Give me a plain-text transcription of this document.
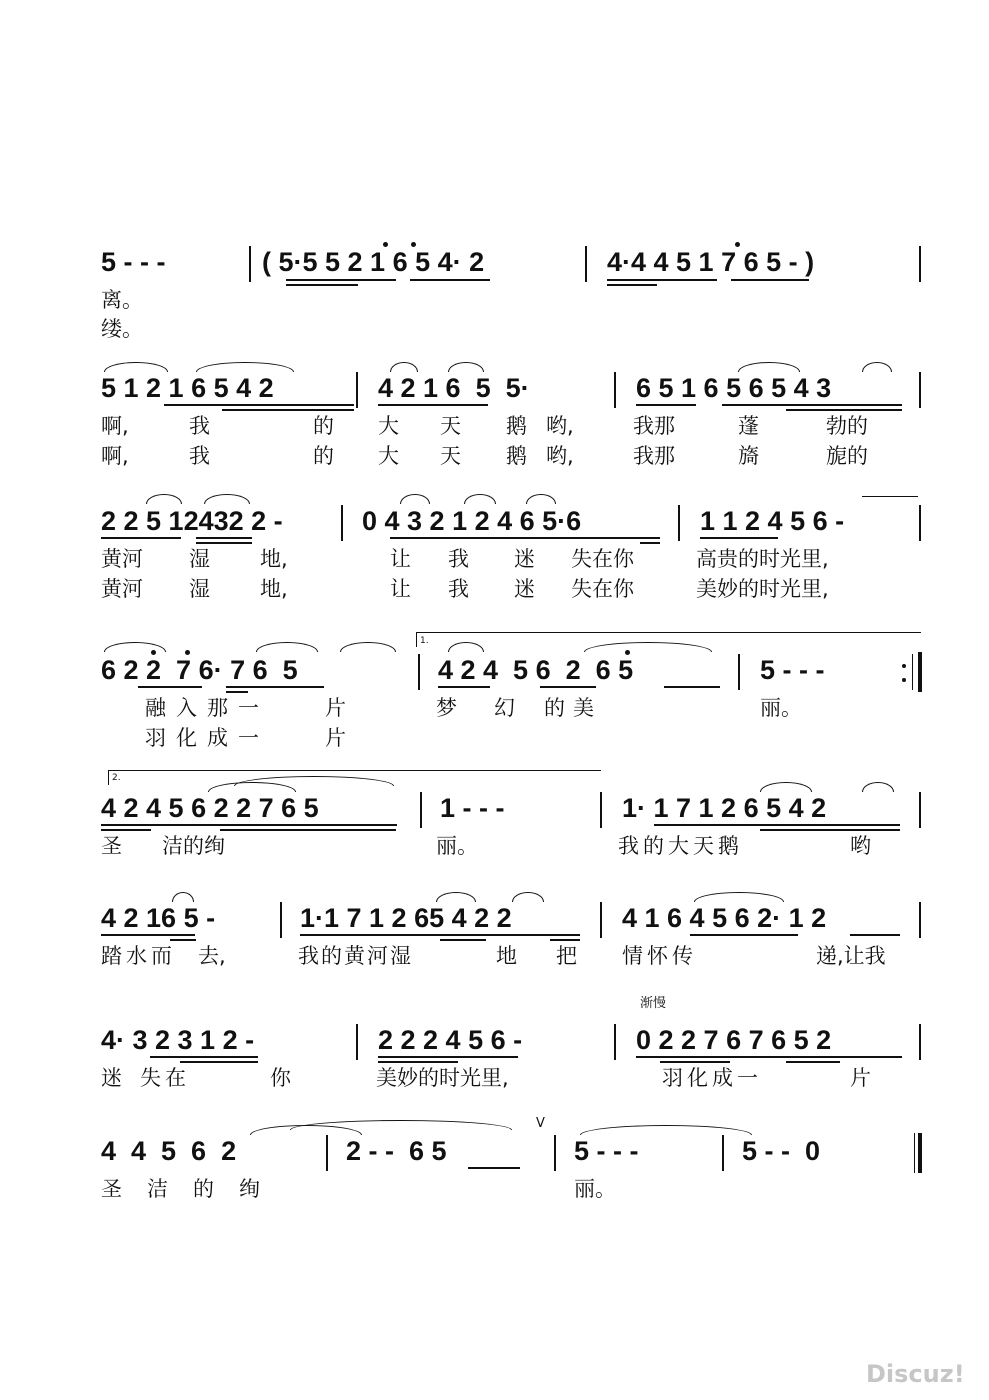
5 - - -	( 5·5 5 2 1 6 5 4· 2	4·4 4 5 1 7 6 5 - )
离。
缕。
5 1 2 1 6 5 4 2	4 2 1 6  5  5·	6 5 1 6 5 6 5 4 3
啊,	我	的 大 天 鹅 哟,	我那	蓬	勃的
啊,	我	的 大 天 鹅 哟,	我那	旖	旎的
2 2 5 12432 2 -	0 4 3 2 1 2 4 6 5·6	1 1 2 4 5 6 -
黄河 湿 地,	让 我 迷 失在你	高贵的时光里,
黄河 湿 地,	让 我 迷 失在你	美妙的时光里,
1.
6 2 2  7 6· 7 6  5	4 2 4  5 6  2  6 5	5 - - -
融入那一	片	梦 幻 的美	丽。
羽化成一	片
2.
4 2 4 5 6 2 2 7 6 5	1 - - -	1· 1 7 1 2 6 5 4 2
圣 洁的绚	丽。	我的大天鹅	哟
4 2 16 5 -	1·1 7 1 2 65 4 2 2	4 1 6 4 5 6 2· 1 2
踏水而 去,	我的黄河湿	地 把 情怀传	递,让我
渐慢
4· 3 2 3 1 2 -	2 2 2 4 5 6 -	0 2 2 7 6 7 6 5 2
迷 失在	你	美妙的时光里,	羽化成一	片
V
4  4  5  6  2	2 - -  6 5	5 - - -	5 - -  0
圣 洁 的 绚	丽。
Discuz!
